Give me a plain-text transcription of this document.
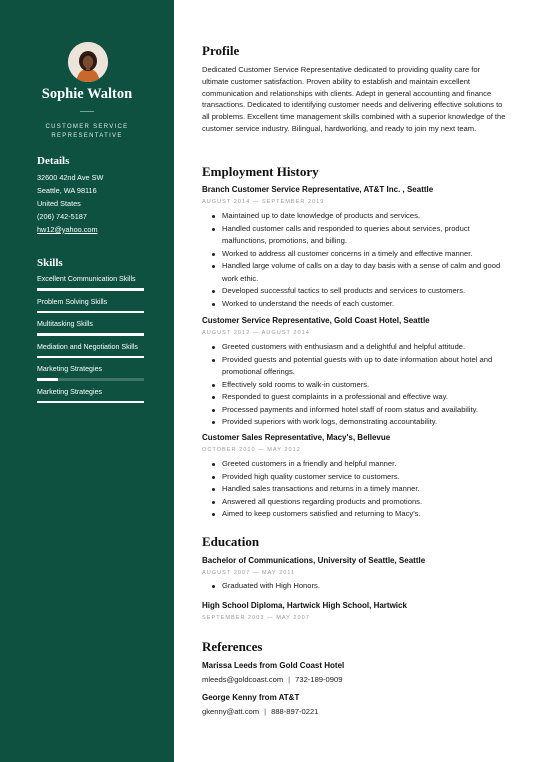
Sophie Walton
CUSTOMER SERVICE REPRESENTATIVE
Details
32600 42nd Ave SW
Seattle, WA 98116
United States
(206) 742-5187
hw12@yahoo.com
Skills
Excellent Communication Skills
Problem Solving Skills
Multitasking Skills
Mediation and Negotiation Skills
Marketing Strategies
Marketing Strategies
Profile
Dedicated Customer Service Representative dedicated to providing quality care for ultimate customer satisfaction. Proven ability to establish and maintain excellent communication and relationships with clients. Adept in general accounting and finance transactions. Dedicated to identifying customer needs and delivering effective solutions to all problems. Excellent time management skills combined with a superior knowledge of the customer service industry. Bilingual, hardworking, and ready to join my next team.
Employment History
Branch Customer Service Representative, AT&T Inc. , Seattle
AUGUST 2014 — SEPTEMBER 2019
Maintained up to date knowledge of products and services.
Handled customer calls and responded to queries about services, product malfunctions, promotions, and billing.
Worked to address all customer concerns in a timely and effective manner.
Handled large volume of calls on a day to day basis with a sense of calm and good work ethic.
Developed successful tactics to sell products and services to customers.
Worked to understand the needs of each customer.
Customer Service Representative, Gold Coast Hotel, Seattle
AUGUST 2012 — AUGUST 2014
Greeted customers with enthusiasm and a delightful and helpful attitude.
Provided guests and potential guests with up to date information about hotel and promotional offerings.
Effectively sold rooms to walk-in customers.
Responded to guest complaints in a professional and effective way.
Processed payments and informed hotel staff of room status and availability.
Provided superiors with work logs, demonstrating accountability.
Customer Sales Representative, Macy's, Bellevue
OCTOBER 2010 — MAY 2012
Greeted customers in a friendly and helpful manner.
Provided high quality customer service to customers.
Handled sales transactions and returns in a timely manner.
Answered all questions regarding products and promotions.
Aimed to keep customers satisfied and returning to Macy's.
Education
Bachelor of Communications, University of Seattle, Seattle
AUGUST 2007 — MAY 2011
Graduated with High Honors.
High School Diploma, Hartwick High School, Hartwick
SEPTEMBER 2003 — MAY 2007
References
Marissa Leeds from Gold Coast Hotel
mleeds@goldcoast.com | 732-189-0909
George Kenny from AT&T
gkenny@att.com | 888-897-0221
